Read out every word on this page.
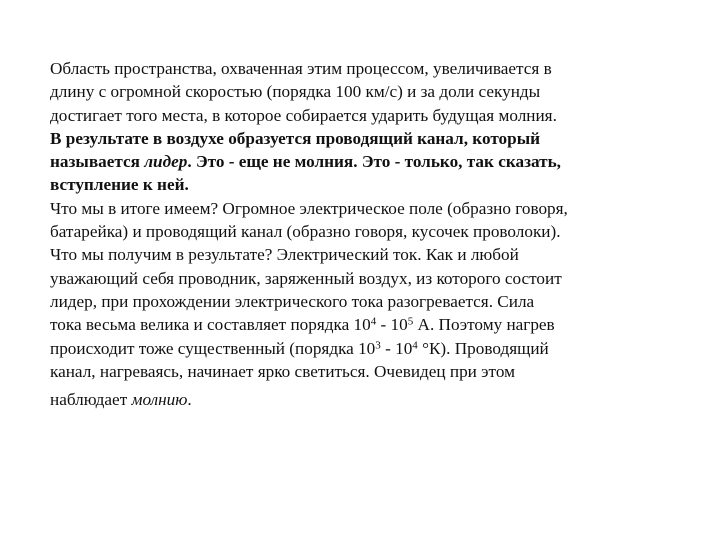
Область пространства, охваченная этим процессом, увеличивается в
длину с огромной скоростью (порядка 100 км/с) и за доли секунды
достигает того места, в которое собирается ударить будущая молния.
В результате в воздухе образуется проводящий канал, который
называется лидер. Это - еще не молния. Это - только, так сказать,
вступление к ней.
Что мы в итоге имеем? Огромное электрическое поле (образно говоря,
батарейка) и проводящий канал (образно говоря, кусочек проволоки).
Что мы получим в результате? Электрический ток. Как и любой
уважающий себя проводник, заряженный воздух, из которого состоит
лидер, при прохождении электрического тока разогревается. Сила
тока весьма велика и составляет порядка $10^4 - 10^5$ А. Поэтому нагрев
происходит тоже существенный (порядка $10^3 - 10^4$ °К). Проводящий
канал, нагреваясь, начинает ярко светиться. Очевидец при этом
наблюдает молнию.
